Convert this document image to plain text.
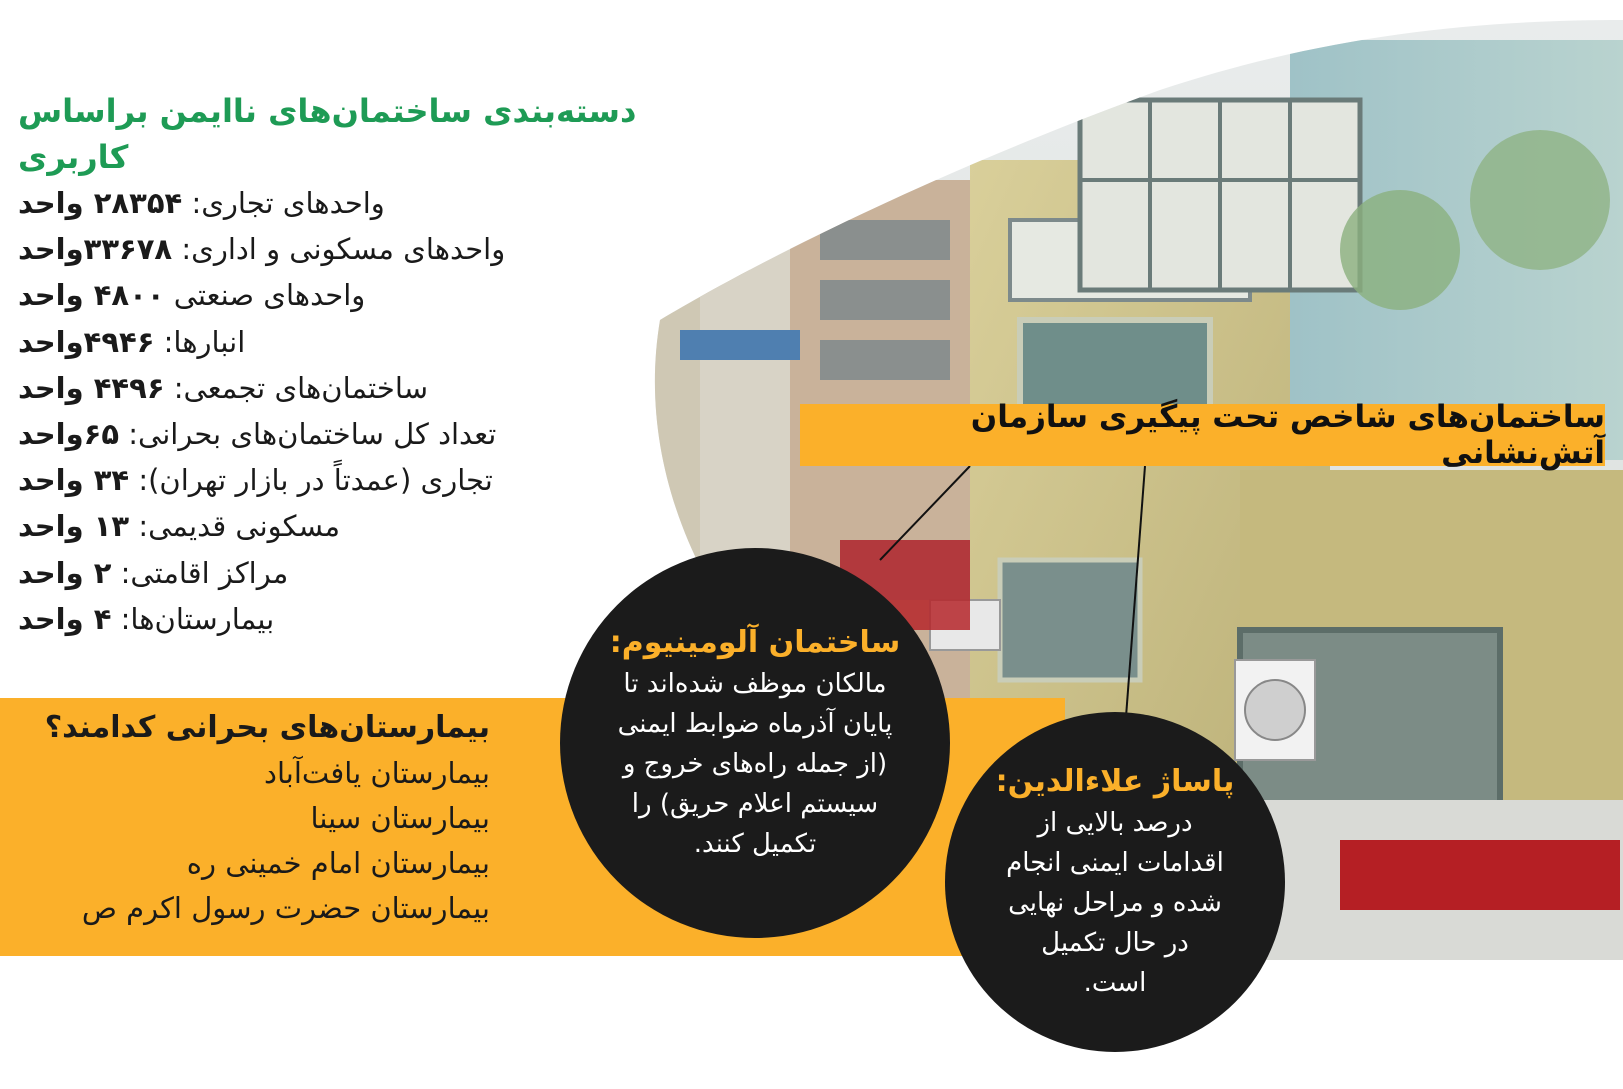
دسته‌بندی ساختمان‌های ناایمن براساس کاربری
واحدهای تجاری: ۲۸۳۵۴ واحد
واحدهای مسکونی و اداری: ۳۳۶۷۸واحد
واحدهای صنعتی ۴۸۰۰ واحد
انبارها: ۴۹۴۶واحد
ساختمان‌های تجمعی: ۴۴۹۶ واحد
تعداد کل ساختمان‌های بحرانی: ۶۵واحد
تجاری (عمدتاً در بازار تهران): ۳۴ واحد
مسکونی قدیمی: ۱۳ واحد
مراکز اقامتی: ۲ واحد
بیمارستان‌ها: ۴ واحد
بیمارستان‌های بحرانی کدامند؟
بیمارستان یافت‌آباد
بیمارستان سینا
بیمارستان امام خمینی ره
بیمارستان حضرت رسول اکرم ص
ساختمان‌های شاخص تحت پیگیری سازمان آتش‌نشانی
ساختمان آلومینیوم:
مالکان موظف شده‌اند تا
پایان آذرماه ضوابط ایمنی
(از جمله راه‌های خروج و
سیستم اعلام حریق) را
تکمیل کنند.
پاساژ علاءالدین:
درصد بالایی از
اقدامات ایمنی انجام
شده و مراحل نهایی
در حال تکمیل
است.
